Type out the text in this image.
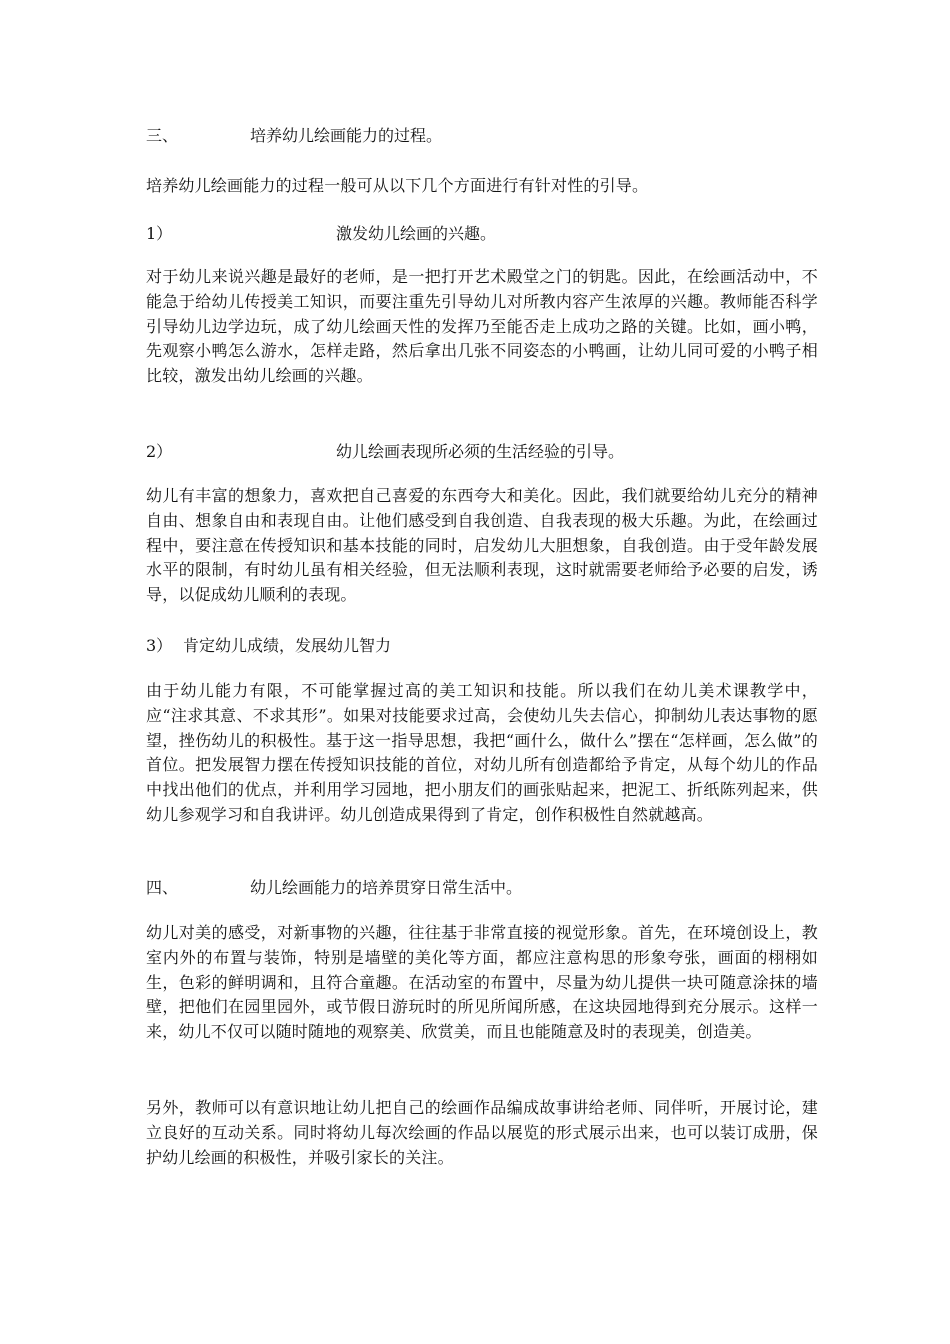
三、	培养幼儿绘画能力的过程。

培养幼儿绘画能力的过程一般可从以下几个方面进行有针对性的引导。

1）	激发幼儿绘画的兴趣。

对于幼儿来说兴趣是最好的老师，是一把打开艺术殿堂之门的钥匙。因此，在绘画活动中，不能急于给幼儿传授美工知识，而要注重先引导幼儿对所教内容产生浓厚的兴趣。教师能否科学引导幼儿边学边玩，成了幼儿绘画天性的发挥乃至能否走上成功之路的关键。比如，画小鸭，先观察小鸭怎么游水，怎样走路，然后拿出几张不同姿态的小鸭画，让幼儿同可爱的小鸭子相比较，激发出幼儿绘画的兴趣。

2）	幼儿绘画表现所必须的生活经验的引导。

幼儿有丰富的想象力，喜欢把自己喜爱的东西夸大和美化。因此，我们就要给幼儿充分的精神自由、想象自由和表现自由。让他们感受到自我创造、自我表现的极大乐趣。为此，在绘画过程中，要注意在传授知识和基本技能的同时，启发幼儿大胆想象，自我创造。由于受年龄发展水平的限制，有时幼儿虽有相关经验，但无法顺利表现，这时就需要老师给予必要的启发，诱导，以促成幼儿顺利的表现。

3） 肯定幼儿成绩，发展幼儿智力

由于幼儿能力有限，不可能掌握过高的美工知识和技能。所以我们在幼儿美术课教学中，应“注求其意、不求其形”。如果对技能要求过高，会使幼儿失去信心，抑制幼儿表达事物的愿望，挫伤幼儿的积极性。基于这一指导思想，我把“画什么，做什么”摆在“怎样画，怎么做”的首位。把发展智力摆在传授知识技能的首位，对幼儿所有创造都给予肯定，从每个幼儿的作品中找出他们的优点，并利用学习园地，把小朋友们的画张贴起来，把泥工、折纸陈列起来，供幼儿参观学习和自我讲评。幼儿创造成果得到了肯定，创作积极性自然就越高。

四、	幼儿绘画能力的培养贯穿日常生活中。

幼儿对美的感受，对新事物的兴趣，往往基于非常直接的视觉形象。首先，在环境创设上，教室内外的布置与装饰，特别是墙壁的美化等方面，都应注意构思的形象夸张，画面的栩栩如生，色彩的鲜明调和，且符合童趣。在活动室的布置中，尽量为幼儿提供一块可随意涂抹的墙壁，把他们在园里园外，或节假日游玩时的所见所闻所感，在这块园地得到充分展示。这样一来，幼儿不仅可以随时随地的观察美、欣赏美，而且也能随意及时的表现美，创造美。

另外，教师可以有意识地让幼儿把自己的绘画作品编成故事讲给老师、同伴听，开展讨论，建立良好的互动关系。同时将幼儿每次绘画的作品以展览的形式展示出来，也可以装订成册，保护幼儿绘画的积极性，并吸引家长的关注。
